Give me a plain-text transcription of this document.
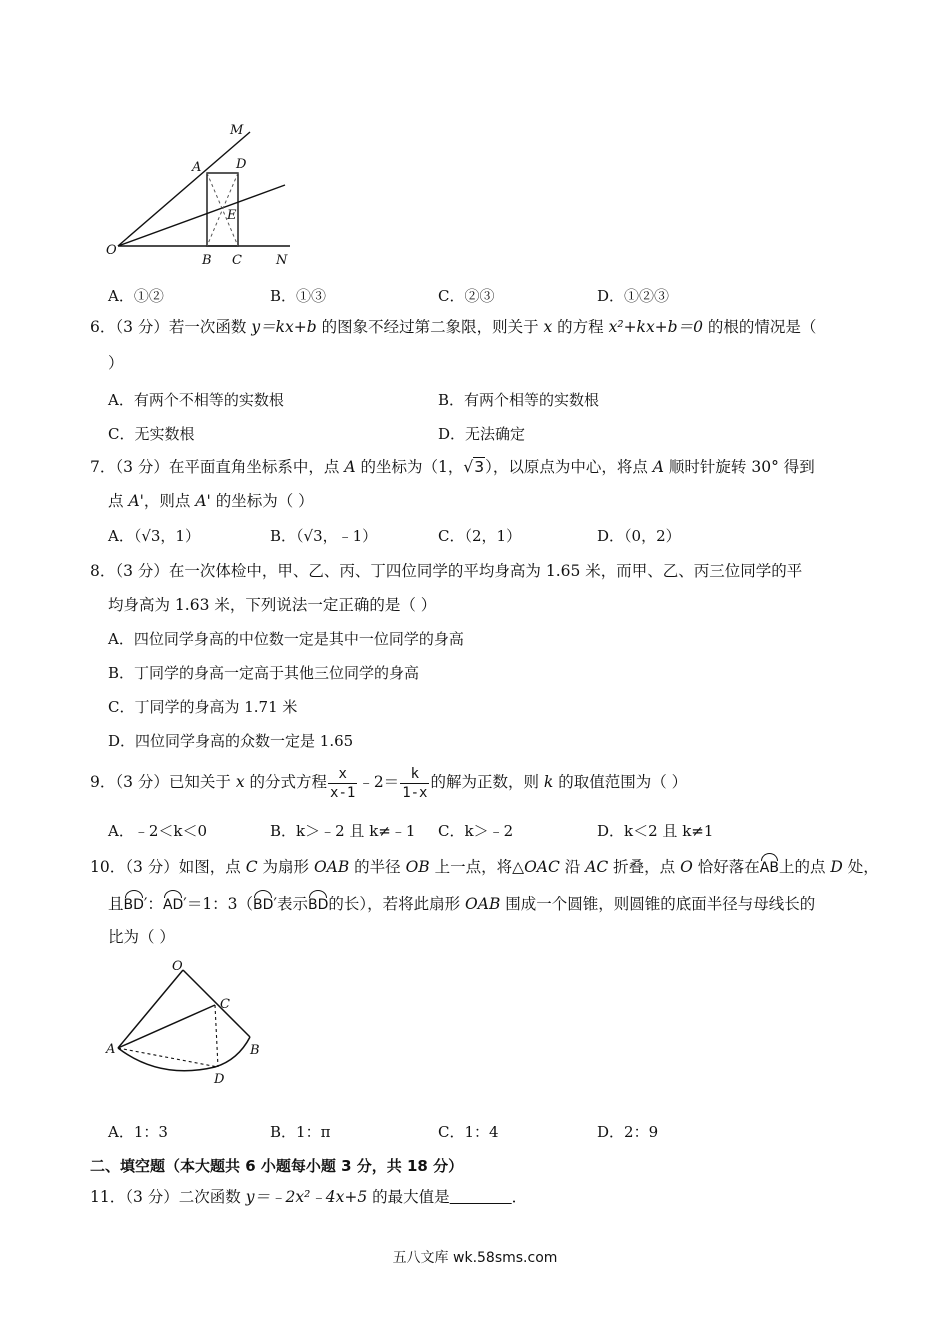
M
A	D
E
O
B C	N
A．①②	B．①③	C．②③	D．①②③
6．（3 分）若一次函数 y＝kx+b 的图象不经过第二象限，则关于 x 的方程 x²+kx+b＝0 的根的情况是（
）
A．有两个不相等的实数根	B．有两个相等的实数根
C．无实数根	D．无法确定
7．（3 分）在平面直角坐标系中，点 A 的坐标为（1，√3），以原点为中心，将点 A 顺时针旋转 30° 得到
点 A'，则点 A' 的坐标为（ ）
A．（√3，1）	B．（√3，﹣1）	C．（2，1）	D．（0，2）
8．（3 分）在一次体检中，甲、乙、丙、丁四位同学的平均身高为 1.65 米，而甲、乙、丙三位同学的平
均身高为 1.63 米，下列说法一定正确的是（ ）
A．四位同学身高的中位数一定是其中一位同学的身高
B．丁同学的身高一定高于其他三位同学的身高
C．丁同学的身高为 1.71 米
D．四位同学身高的众数一定是 1.65
9．（3 分）已知关于 x 的分式方程 $\frac{x}{x-1}$ ﹣2＝ $\frac{k}{1-x}$ 的解为正数，则 k 的取值范围为（ ）
A．﹣2＜k＜0	B．k＞﹣2 且 k≠﹣1 C．k＞﹣2	D．k＜2 且 k≠1
10．（3 分）如图，点 C 为扇形 OAB 的半径 OB 上一点，将△OAC 沿 AC 折叠，点 O 恰好落在AB上的点 D 处，
且BD′：AD′＝1：3（BD′表示BD的长），若将此扇形 OAB 围成一个圆锥，则圆锥的底面半径与母线长的
比为（ ）
O
C
A	B
D
A．1：3	B．1：π	C．1：4	D．2：9
二、填空题（本大题共 6 小题每小题 3 分，共 18 分）
11．（3 分）二次函数 y＝﹣2x²﹣4x+5 的最大值是________．
五八文库 wk.58sms.com
